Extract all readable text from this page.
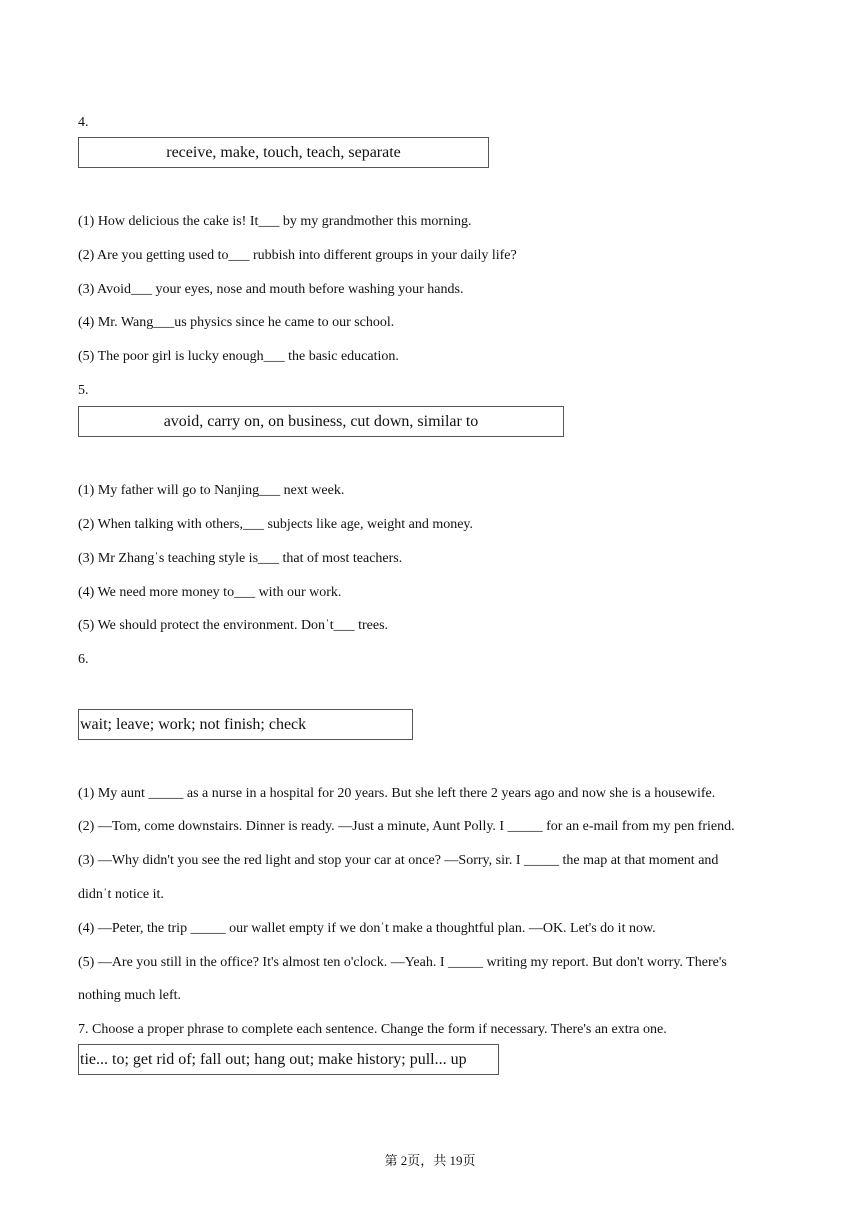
4.
receive, make, touch, teach, separate
(1) How delicious the cake is! It___ by my grandmother this morning.
(2) Are you getting used to___ rubbish into different groups in your daily life?
(3) Avoid___ your eyes, nose and mouth before washing your hands.
(4) Mr. Wang___us physics since he came to our school.
(5) The poor girl is lucky enough___ the basic education.
5.
avoid, carry on, on business, cut down, similar to
(1) My father will go to Nanjing___ next week.
(2) When talking with others,___ subjects like age, weight and money.
(3) Mr Zhangˈs teaching style is___ that of most teachers.
(4) We need more money to___ with our work.
(5) We should protect the environment. Donˈt___ trees.
6.
wait; leave; work; not finish; check
(1) My aunt _____ as a nurse in a hospital for 20 years. But she left there 2 years ago and now she is a housewife.
(2) —Tom, come downstairs. Dinner is ready. —Just a minute, Aunt Polly. I _____ for an e-mail from my pen friend.
(3) —Why didn't you see the red light and stop your car at once? —Sorry, sir. I _____ the map at that moment and
didnˈt notice it.
(4) —Peter, the trip _____ our wallet empty if we donˈt make a thoughtful plan. —OK. Let's do it now.
(5) —Are you still in the office? It's almost ten o'clock. —Yeah. I _____ writing my report. But don't worry. There's
nothing much left.
7. Choose a proper phrase to complete each sentence. Change the form if necessary. There's an extra one.
tie... to; get rid of; fall out; hang out; make history; pull... up
第 2页，共 19页
